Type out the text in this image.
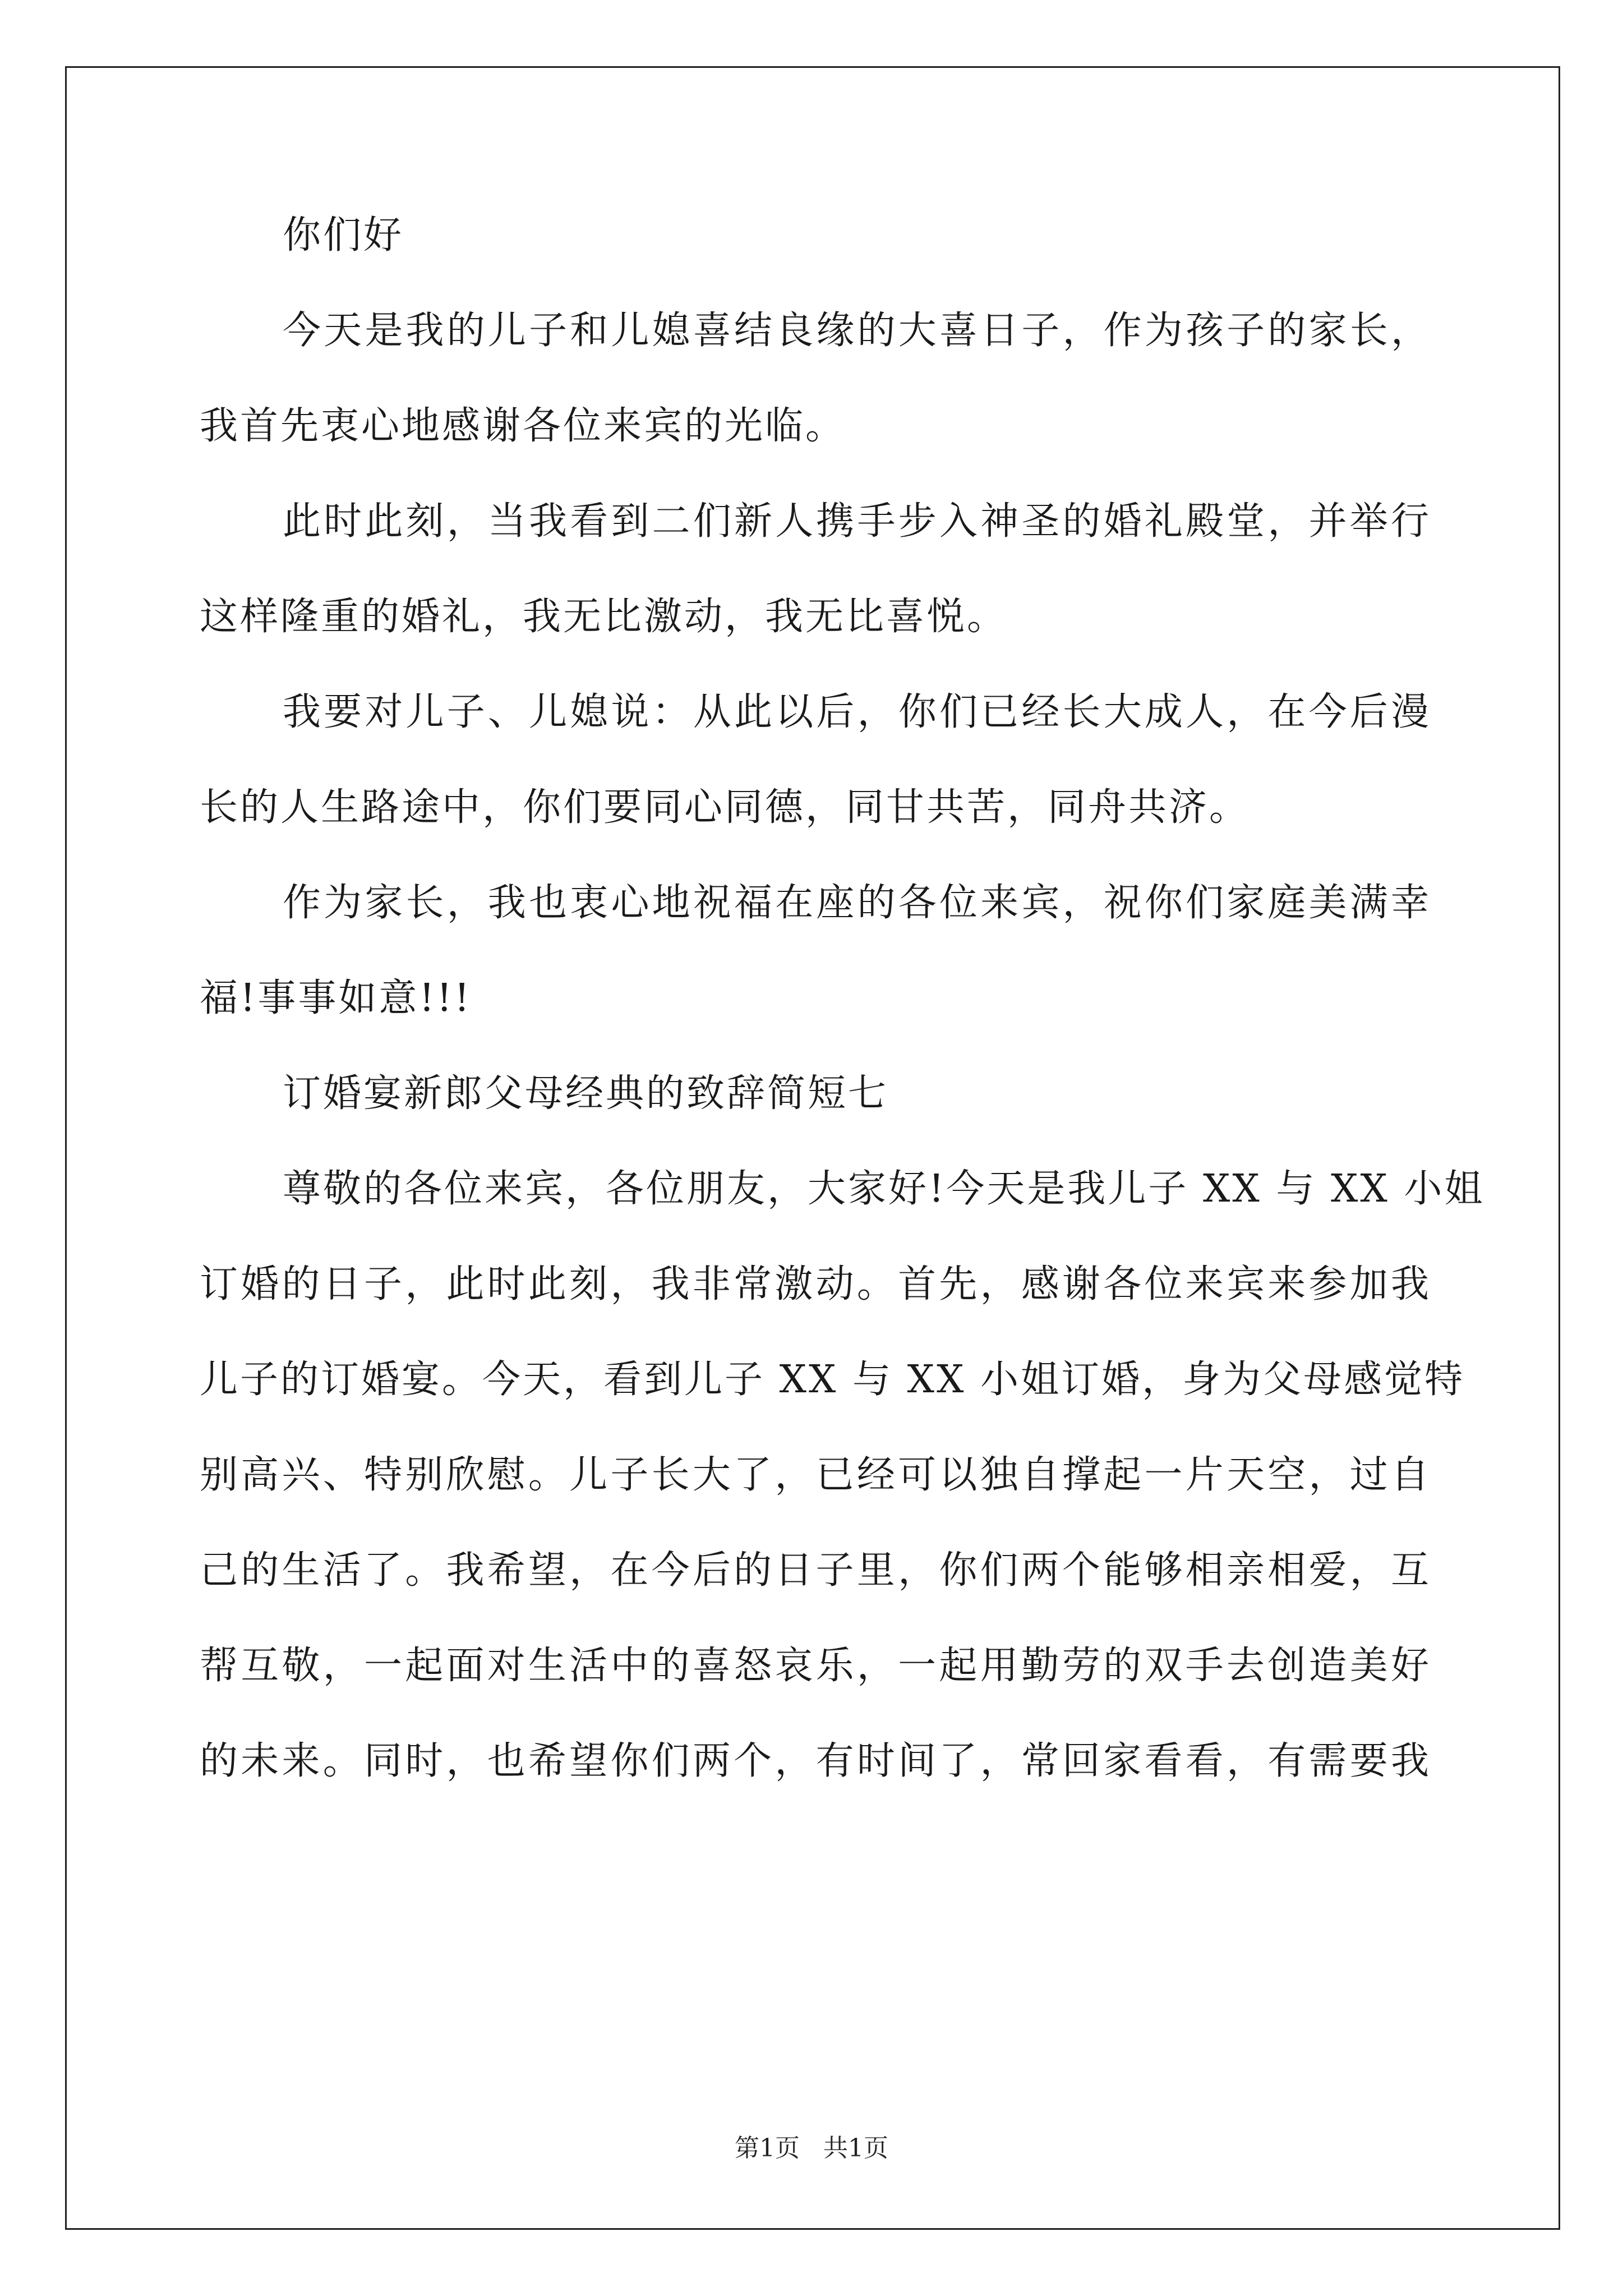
你们好
今天是我的儿子和儿媳喜结良缘的大喜日子，作为孩子的家长，
我首先衷心地感谢各位来宾的光临。
此时此刻，当我看到二们新人携手步入神圣的婚礼殿堂，并举行
这样隆重的婚礼，我无比激动，我无比喜悦。
我要对儿子、儿媳说：从此以后，你们已经长大成人，在今后漫
长的人生路途中，你们要同心同德，同甘共苦，同舟共济。
作为家长，我也衷心地祝福在座的各位来宾，祝你们家庭美满幸
福!事事如意!!!
订婚宴新郎父母经典的致辞简短七
尊敬的各位来宾，各位朋友，大家好!今天是我儿子 XX 与 XX 小姐
订婚的日子，此时此刻，我非常激动。首先，感谢各位来宾来参加我
儿子的订婚宴。今天，看到儿子 XX 与 XX 小姐订婚，身为父母感觉特
别高兴、特别欣慰。儿子长大了，已经可以独自撑起一片天空，过自
己的生活了。我希望，在今后的日子里，你们两个能够相亲相爱，互
帮互敬，一起面对生活中的喜怒哀乐，一起用勤劳的双手去创造美好
的未来。同时，也希望你们两个，有时间了，常回家看看，有需要我
第1页 共1页
